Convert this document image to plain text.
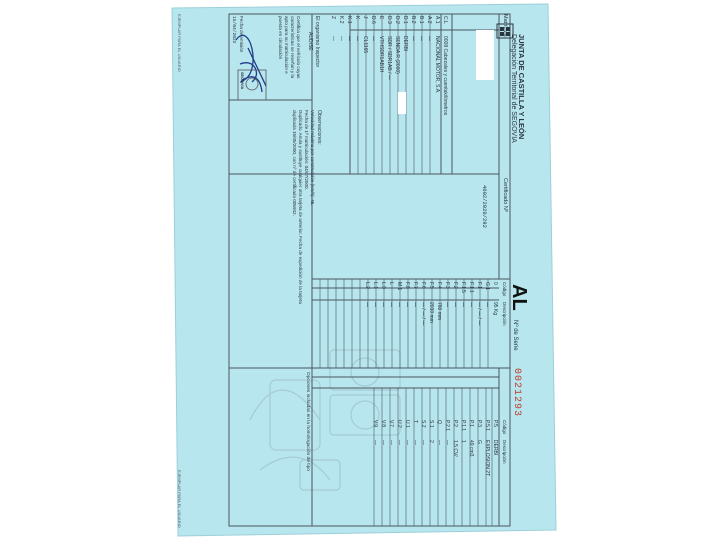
JUNTA DE CASTILLA Y LEÓN
Delegación Territorial de SEGOVIA
Matrícula
Certificado Nº
4002/2020/292
AL
Nº de Serie
0021293
C.L
0008 Cabezales y cuentakilómetros
A.1
NACIONAL MOTOR, S.A.
A.2
—
B.1
—
B.2
—
D.1
DERBI
D.2
SENDA R (2000)
D.3
SDR / SDR1AB / —
E
VTHSDR1AB1H
D.6
—
J
CL1165
K
—
K.1
—
K.2
—
Z
—
0
95 Kg
G.1
—
F.1
— / — / —
F.1.1
—
F.1.5
—
F.2
—
F.3
—
F.4
780 mm
F.5
2030 mm
F.6
— / — / —
F.7
—
F.8
—
M.1
—
L
—
L.0
—
L.1
—
L.2
—
P.5
DERBI
P.5.1
EXPLOSION 2T
P.3
G
P.1
49 cm3
P.1.1
1
P.2
1,5 CV/
P.2.1
—
Q
—
S.1
2
S.2
—
T
—
U.1
—
U.2
—
V.7
—
V.8
—
V.9
—
Código
Descripción
Código
Descripción
Observaciones:
Velocidad máxima por construcción (km/h): 45.
Fecha de 1ª matriculación: 04/07/2000.
Duplicado. Anula y sustituye cualquier otra tarjeta de anterior. Fecha de expedición de la tarjeta
duplicada 15/05/2000, con nº de certificado 005942.
Opciones incluidas en la homologación de tipo
El organismo Inspector
AUDISE
Certifica que el vehículo cuyas
características se reseñan y la
apto para su matriculación e
puesta en circulación
Fecha de emisión
15/04/2022
SEGOVIA
EJEMPLAR PARA EL USUARIO
EJEMPLAR PARA EL USUARIO
